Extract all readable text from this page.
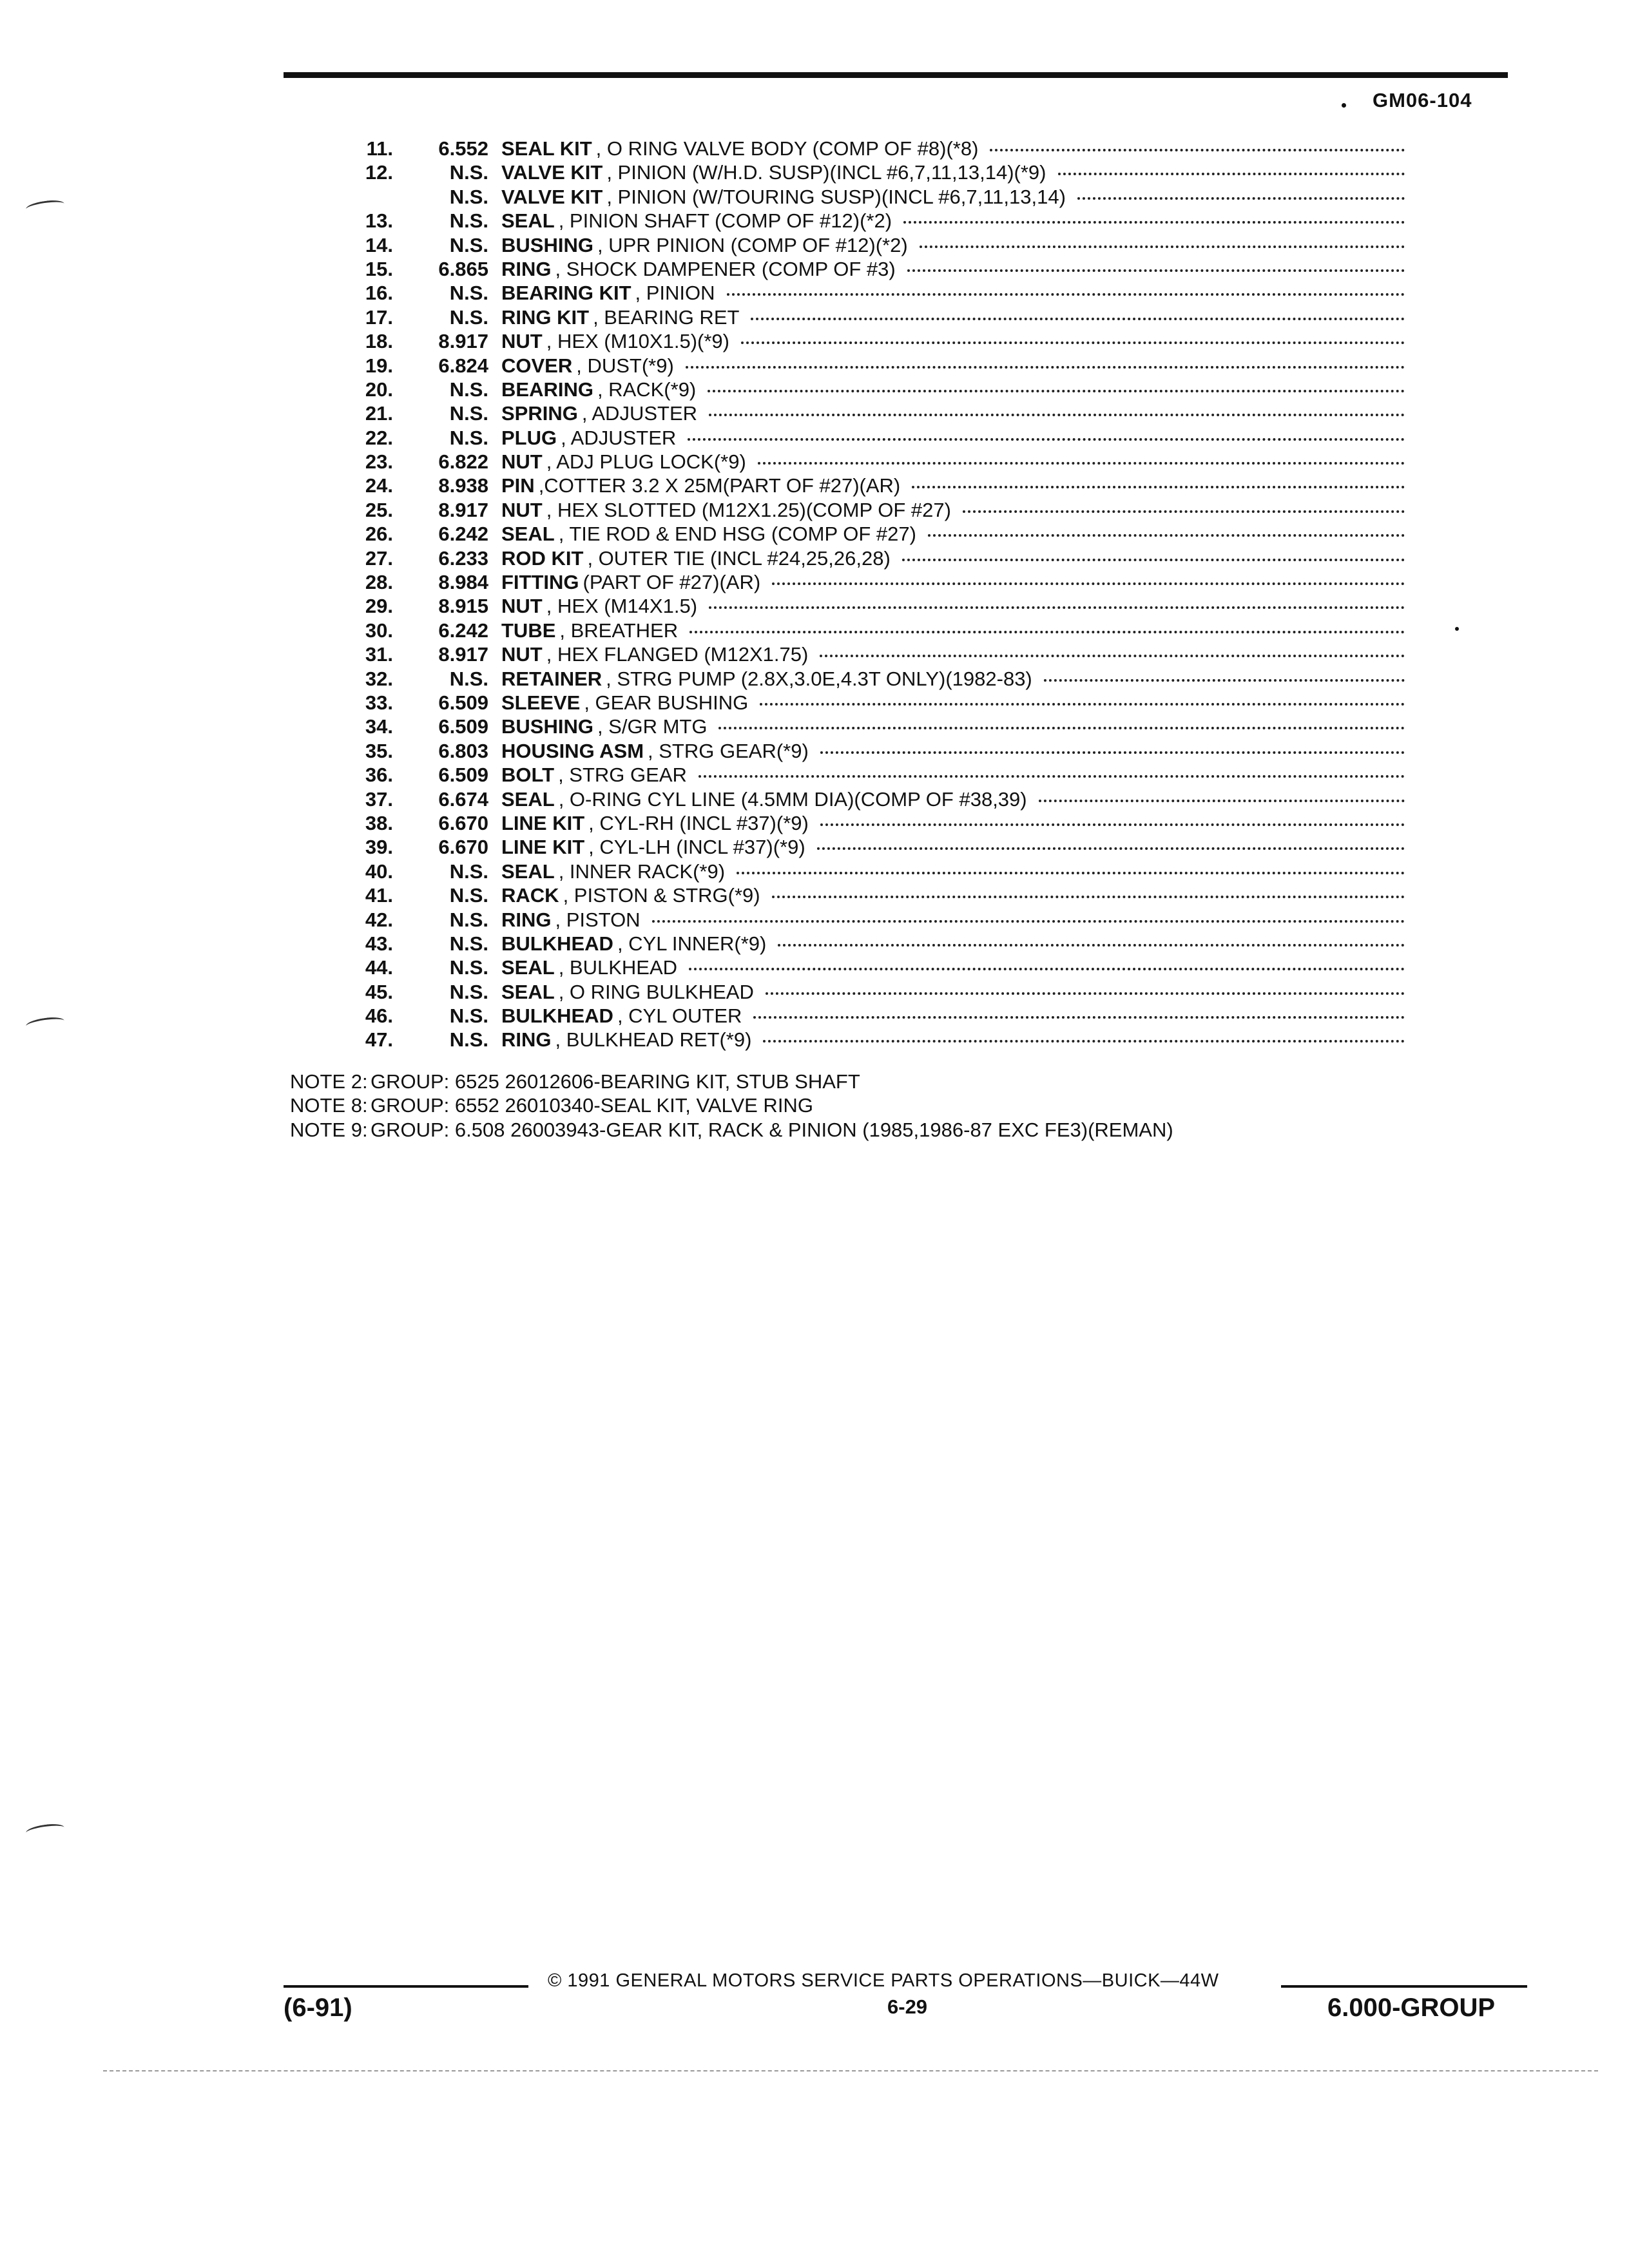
GM06-104
11.	6.552 SEAL KIT , O RING VALVE BODY (COMP OF #8)(*8)
12.	N.S. VALVE KIT , PINION (W/H.D. SUSP)(INCL #6,7,11,13,14)(*9)
N.S. VALVE KIT , PINION (W/TOURING SUSP)(INCL #6,7,11,13,14)
13.	N.S. SEAL , PINION SHAFT (COMP OF #12)(*2)
14.	N.S. BUSHING , UPR PINION (COMP OF #12)(*2)
15.	6.865 RING , SHOCK DAMPENER (COMP OF #3)
16.	N.S. BEARING KIT , PINION
17.	N.S. RING KIT , BEARING RET
18.	8.917 NUT , HEX (M10X1.5)(*9)
19.	6.824 COVER , DUST(*9)
20.	N.S. BEARING , RACK(*9)
21.	N.S. SPRING , ADJUSTER
22.	N.S. PLUG , ADJUSTER
23.	6.822 NUT , ADJ PLUG LOCK(*9)
24.	8.938 PIN ,COTTER 3.2 X 25M(PART OF #27)(AR)
25.	8.917 NUT , HEX SLOTTED (M12X1.25)(COMP OF #27)
26.	6.242 SEAL , TIE ROD & END HSG (COMP OF #27)
27.	6.233 ROD KIT , OUTER TIE (INCL #24,25,26,28)
28.	8.984 FITTING (PART OF #27)(AR)
29.	8.915 NUT , HEX (M14X1.5)
30.	6.242 TUBE , BREATHER
31.	8.917 NUT , HEX FLANGED (M12X1.75)
32.	N.S. RETAINER , STRG PUMP (2.8X,3.0E,4.3T ONLY)(1982-83)
33.	6.509 SLEEVE , GEAR BUSHING
34.	6.509 BUSHING , S/GR MTG
35.	6.803 HOUSING ASM , STRG GEAR(*9)
36.	6.509 BOLT , STRG GEAR
37.	6.674 SEAL , O-RING CYL LINE (4.5MM DIA)(COMP OF #38,39)
38.	6.670 LINE KIT , CYL-RH (INCL #37)(*9)
39.	6.670 LINE KIT , CYL-LH (INCL #37)(*9)
40.	N.S. SEAL , INNER RACK(*9)
41.	N.S. RACK , PISTON & STRG(*9)
42.	N.S. RING , PISTON
43.	N.S. BULKHEAD , CYL INNER(*9)
44.	N.S. SEAL , BULKHEAD
45.	N.S. SEAL , O RING BULKHEAD
46.	N.S. BULKHEAD , CYL OUTER
47.	N.S. RING , BULKHEAD RET(*9)
NOTE 2: GROUP: 6525 26012606-BEARING KIT, STUB SHAFT
NOTE 8: GROUP: 6552 26010340-SEAL KIT, VALVE RING
NOTE 9: GROUP: 6.508 26003943-GEAR KIT, RACK & PINION (1985,1986-87 EXC FE3)(REMAN)
© 1991 GENERAL MOTORS SERVICE PARTS OPERATIONS—BUICK—44W
(6-91)	6-29	6.000-GROUP
